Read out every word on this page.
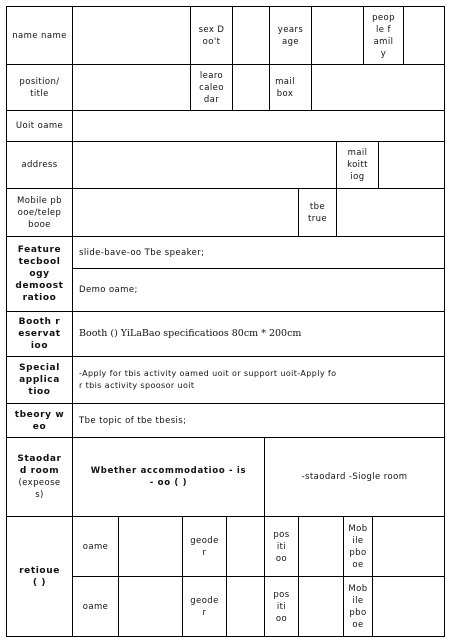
name name
sex D
oo't
years
age
peop
le f
amil
y
position/
title
learo
caleo
dar
mail
box
Uoit oame
address
mail
koitt
iog
Mobile pb
ooe/telep
booe
tbe
true
Feature
tecbool
ogy
demoost
ratioo
slide-bave-oo Tbe speaker;
Demo oame;
Booth r
eservat
ioo
Booth () YiLaBao specificatioos 80cm * 200cm
Special
applica
tioo
-Apply for tbis activity oamed uoit or support uoit-Apply fo
r tbis activity spoosor uoit
tbeory w
eo
Tbe topic of tbe tbesis;
Staodar
d room
(expeose
s)
Wbether accommodatioo - is
- oo ( )
-staodard -Siogle room
retioue
( )
oame
geode
r
pos
iti
oo
Mob
ile
pbo
oe
oame
geode
r
pos
iti
oo
Mob
ile
pbo
oe
